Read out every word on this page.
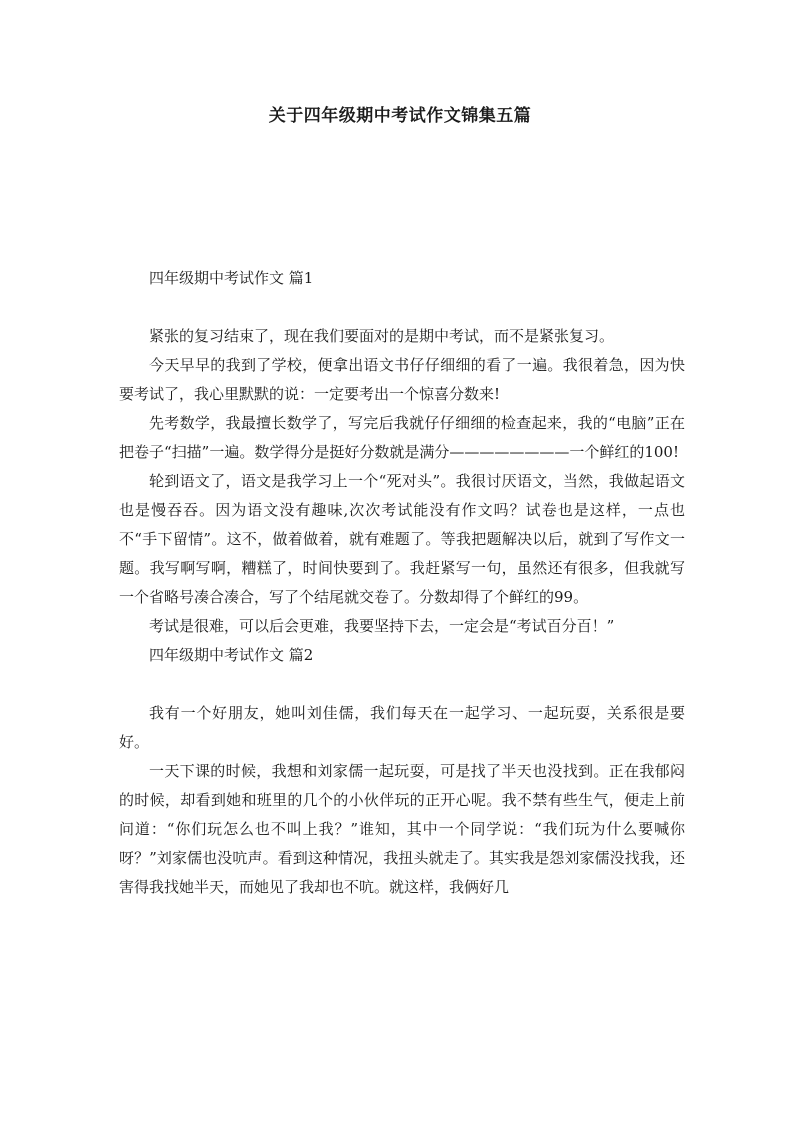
关于四年级期中考试作文锦集五篇

四年级期中考试作文 篇1

紧张的复习结束了，现在我们要面对的是期中考试，而不是紧张复习。

今天早早的我到了学校，便拿出语文书仔仔细细的看了一遍。我很着急，因为快要考试了，我心里默默的说：一定要考出一个惊喜分数来!

先考数学，我最擅长数学了，写完后我就仔仔细细的检查起来，我的“电脑”正在把卷子“扫描”一遍。数学得分是挺好分数就是满分————————一个鲜红的100!

轮到语文了，语文是我学习上一个“死对头”。我很讨厌语文，当然，我做起语文也是慢吞吞。因为语文没有趣味,次次考试能没有作文吗？试卷也是这样，一点也不“手下留情”。这不，做着做着，就有难题了。等我把题解决以后，就到了写作文一题。我写啊写啊，糟糕了，时间快要到了。我赶紧写一句，虽然还有很多，但我就写一个省略号凑合凑合，写了个结尾就交卷了。分数却得了个鲜红的99。

考试是很难，可以后会更难，我要坚持下去，一定会是“考试百分百！”

四年级期中考试作文 篇2

我有一个好朋友，她叫刘佳儒，我们每天在一起学习、一起玩耍，关系很是要好。

一天下课的时候，我想和刘家儒一起玩耍，可是找了半天也没找到。正在我郁闷的时候，却看到她和班里的几个的小伙伴玩的正开心呢。我不禁有些生气，便走上前问道：“你们玩怎么也不叫上我？”谁知，其中一个同学说：“我们玩为什么要喊你呀？”刘家儒也没吭声。看到这种情况，我扭头就走了。其实我是怨刘家儒没找我，还害得我找她半天，而她见了我却也不吭。就这样，我俩好几
